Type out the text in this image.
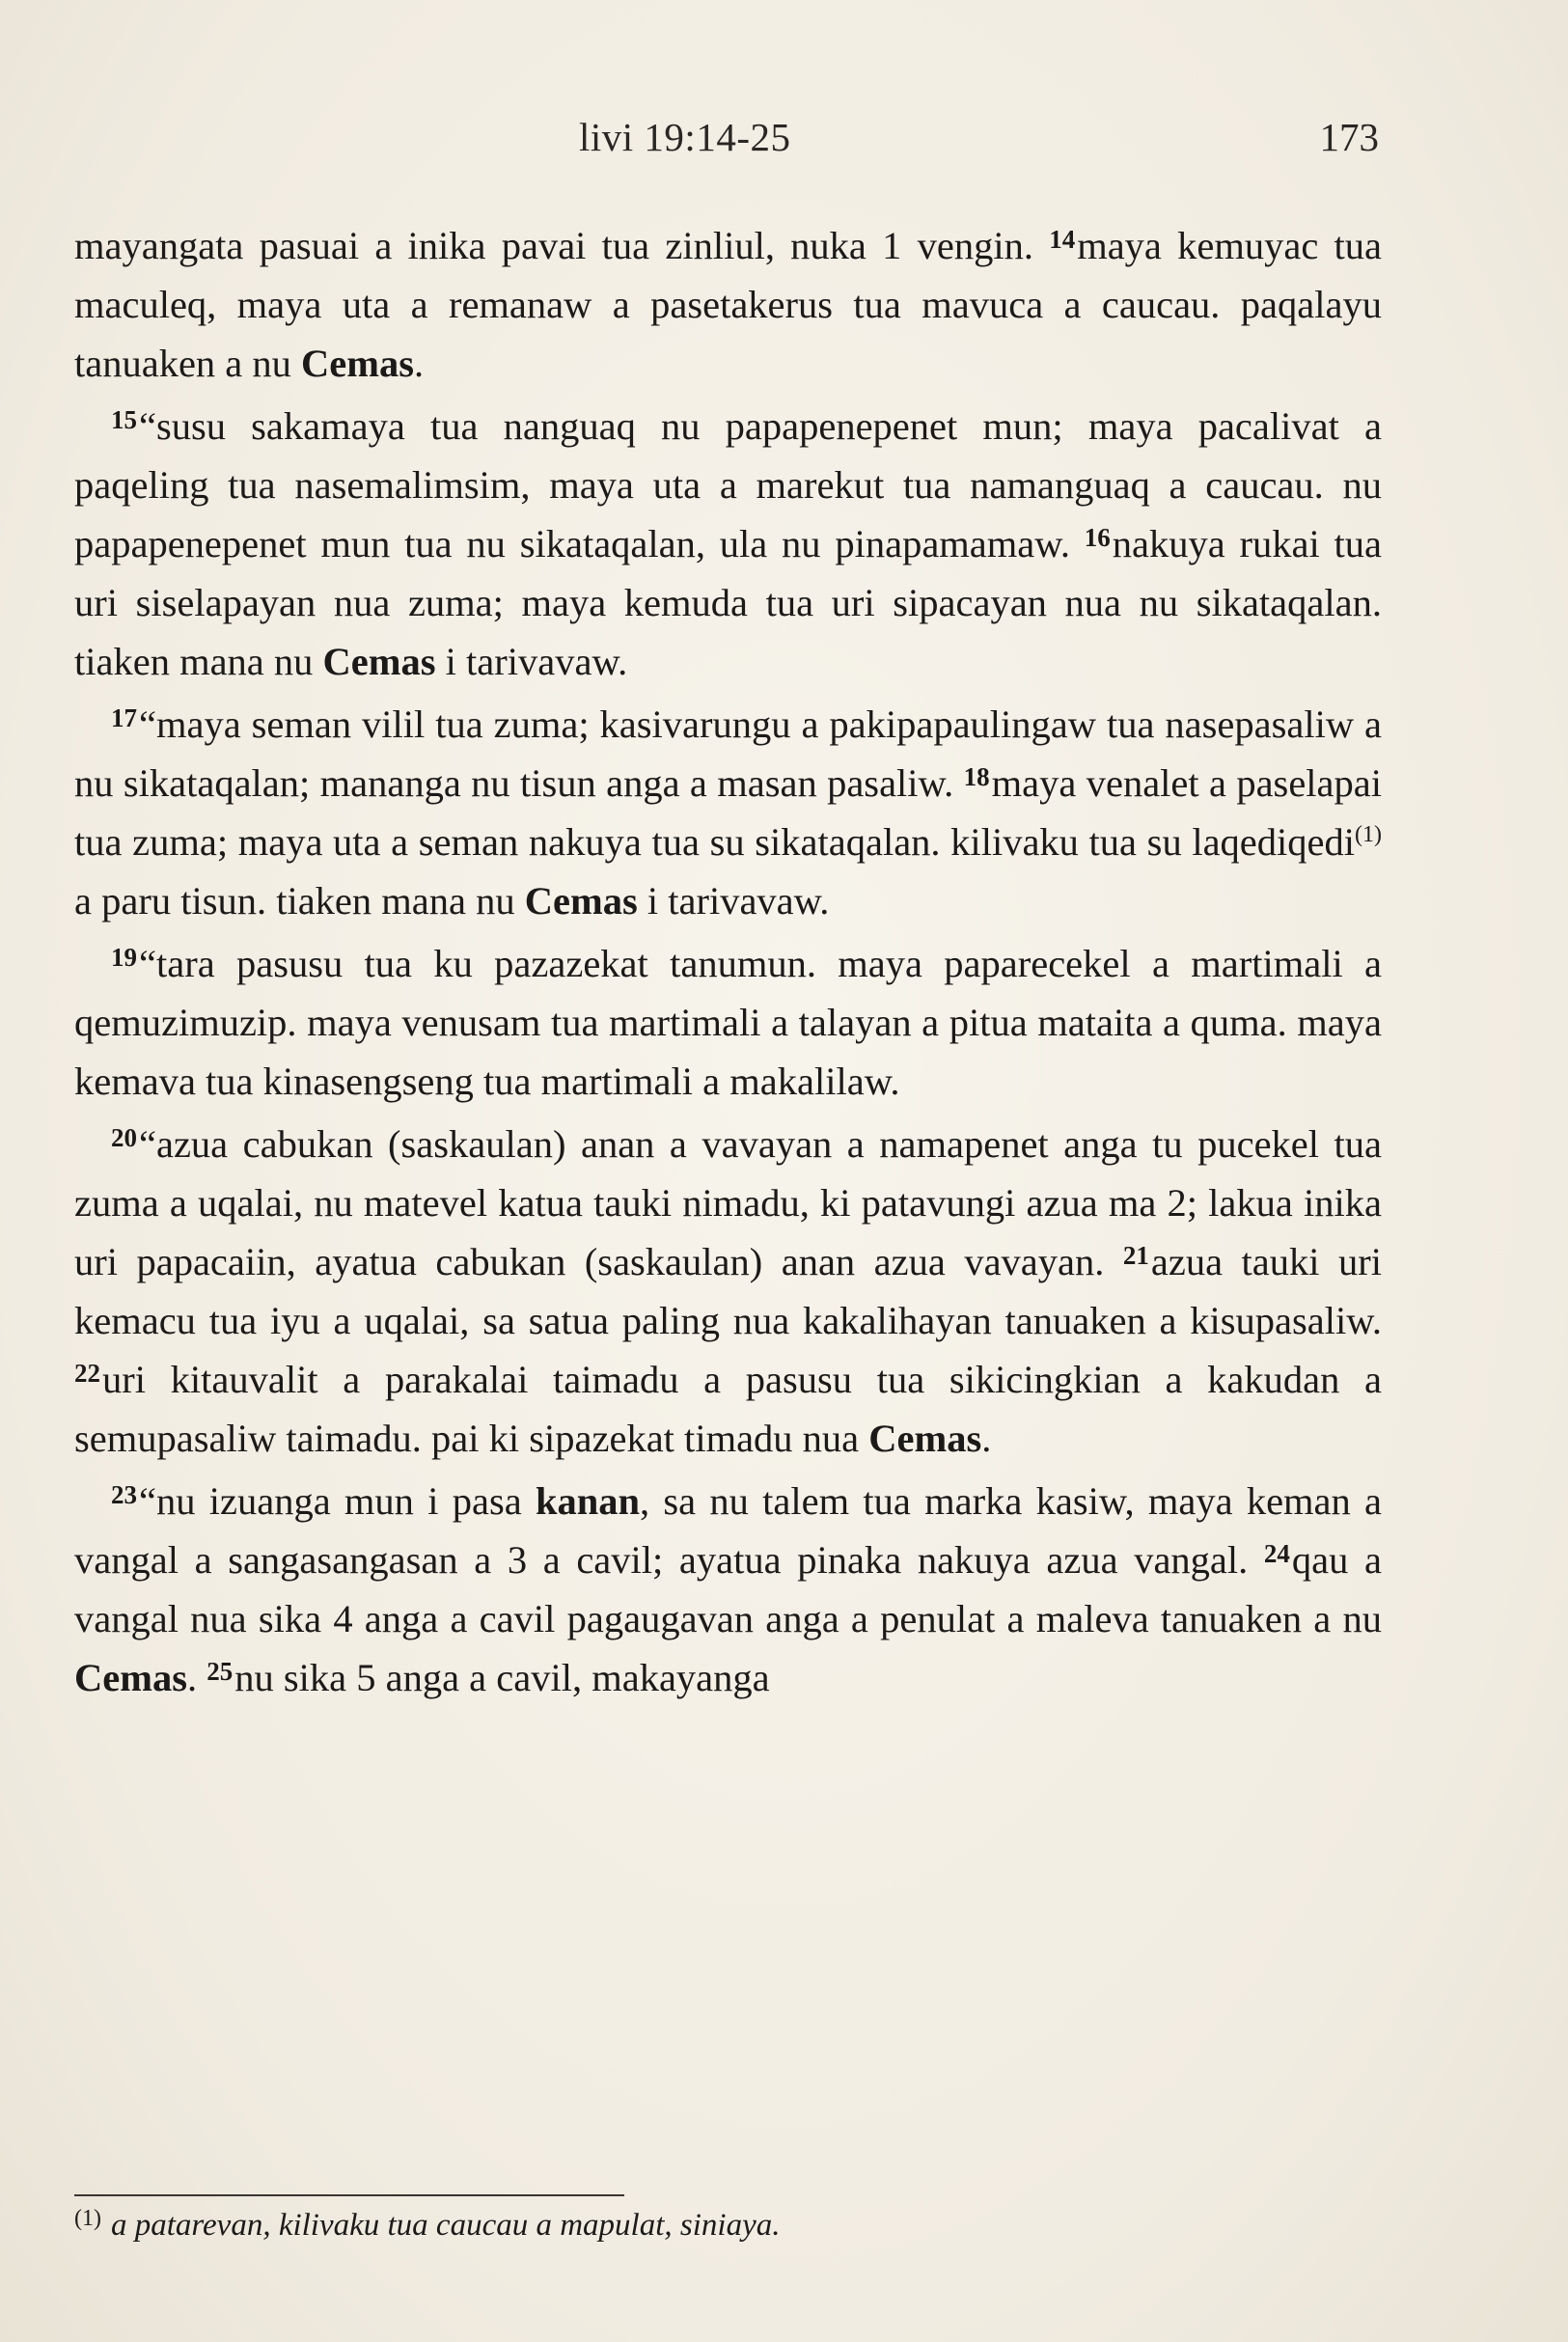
livi 19:14-25	173

mayangata pasuai a inika pavai tua zinliul, nuka 1 vengin. $^{14}$maya kemuyac tua maculeq, maya uta a remanaw a pasetakerus tua mavuca a caucau. paqalayu tanuaken a nu Cemas.

$^{15}$“susu sakamaya tua nanguaq nu papapenepenet mun; maya pacalivat a paqeling tua nasemalimsim, maya uta a marekut tua namanguaq a caucau. nu papapenepenet mun tua nu sikataqalan, ula nu pinapamamaw. $^{16}$nakuya rukai tua uri siselapayan nua zuma; maya kemuda tua uri sipacayan nua nu sikataqalan. tiaken mana nu Cemas i tarivavaw.

$^{17}$“maya seman vilil tua zuma; kasivarungu a pakipapaulingaw tua nasepasaliw a nu sikataqalan; mananga nu tisun anga a masan pasaliw. $^{18}$maya venalet a paselapai tua zuma; maya uta a seman nakuya tua su sikataqalan. kilivaku tua su laqediqedi$^{(1)}$ a paru tisun. tiaken mana nu Cemas i tarivavaw.

$^{19}$“tara pasusu tua ku pazazekat tanumun. maya paparecekel a martimali a qemuzimuzip. maya venusam tua martimali a talayan a pitua mataita a quma. maya kemava tua kinasengseng tua martimali a makalilaw.

$^{20}$“azua cabukan (saskaulan) anan a vavayan a namapenet anga tu pucekel tua zuma a uqalai, nu matevel katua tauki nimadu, ki patavungi azua ma 2; lakua inika uri papacaiin, ayatua cabukan (saskaulan) anan azua vavayan. $^{21}$azua tauki uri kemacu tua iyu a uqalai, sa satua paling nua kakalihayan tanuaken a kisupasaliw. $^{22}$uri kitauvalit a parakalai taimadu a pasusu tua sikicingkian a kakudan a semupasaliw taimadu. pai ki sipazekat timadu nua Cemas.

$^{23}$“nu izuanga mun i pasa kanan, sa nu talem tua marka kasiw, maya keman a vangal a sangasangasan a 3 a cavil; ayatua pinaka nakuya azua vangal. $^{24}$qau a vangal nua sika 4 anga a cavil pagaugavan anga a penulat a maleva tanuaken a nu Cemas. $^{25}$nu sika 5 anga a cavil, makayanga

$^{(1)}$ a patarevan, kilivaku tua caucau a mapulat, siniaya.
